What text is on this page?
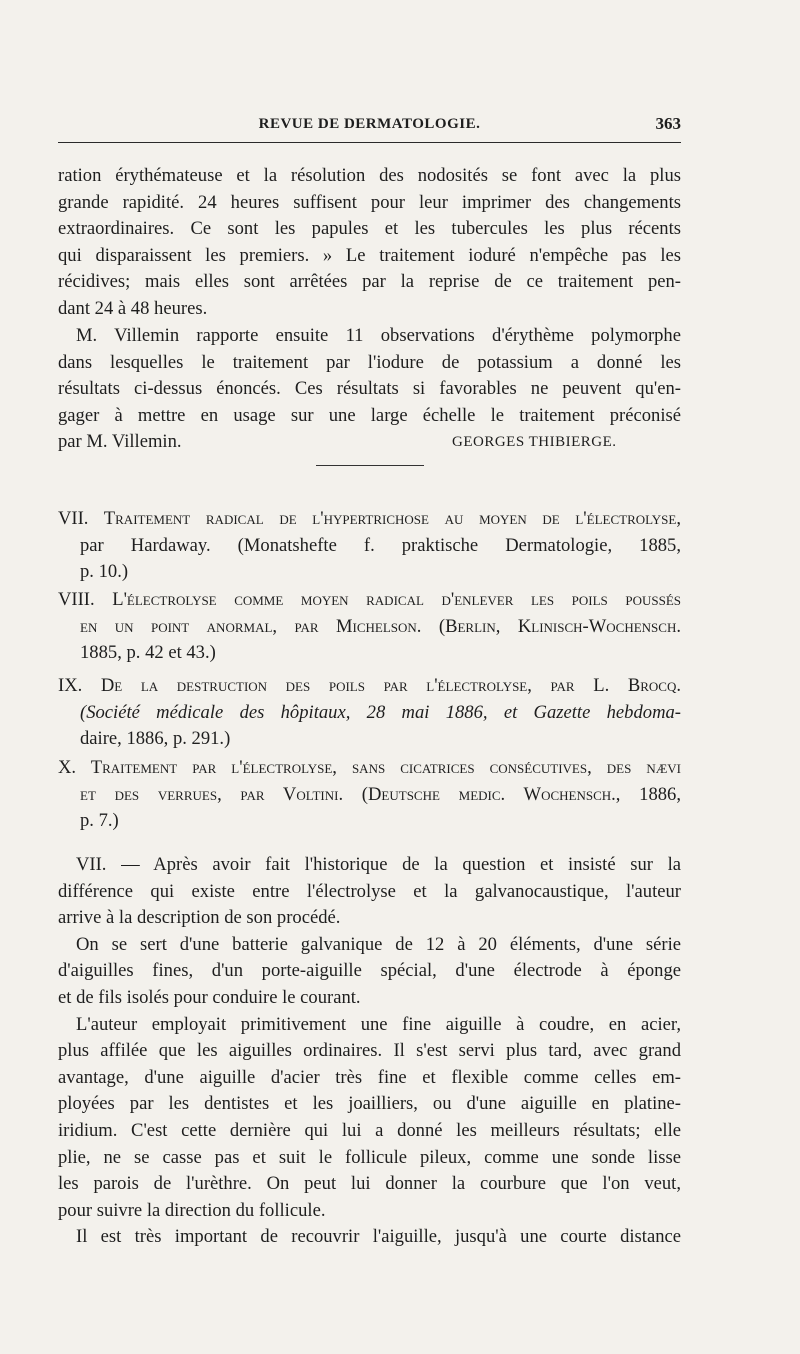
REVUE DE DERMATOLOGIE.	363
ration érythémateuse et la résolution des nodosités se font avec la plus
grande rapidité. 24 heures suffisent pour leur imprimer des changements
extraordinaires. Ce sont les papules et les tubercules les plus récents
qui disparaissent les premiers. » Le traitement ioduré n'empêche pas les
récidives; mais elles sont arrêtées par la reprise de ce traitement pen-
dant 24 à 48 heures.
M. Villemin rapporte ensuite 11 observations d'érythème polymorphe
dans lesquelles le traitement par l'iodure de potassium a donné les
résultats ci-dessus énoncés. Ces résultats si favorables ne peuvent qu'en-
gager à mettre en usage sur une large échelle le traitement préconisé
par M. Villemin.	GEORGES THIBIERGE.
VII. Traitement radical de l'hypertrichose au moyen de l'électrolyse,
par Hardaway. (Monatshefte f. praktische Dermatologie, 1885,
p. 10.)
VIII. L'électrolyse comme moyen radical d'enlever les poils poussés
en un point anormal, par Michelson. (Berlin, Klinisch-Wochensch.
1885, p. 42 et 43.)
IX. De la destruction des poils par l'électrolyse, par L. Brocq.
(Société médicale des hôpitaux, 28 mai 1886, et Gazette hebdoma-
daire, 1886, p. 291.)
X. Traitement par l'électrolyse, sans cicatrices consécutives, des nævi
et des verrues, par Voltini. (Deutsche medic. Wochensch., 1886,
p. 7.)
VII. — Après avoir fait l'historique de la question et insisté sur la
différence qui existe entre l'électrolyse et la galvanocaustique, l'auteur
arrive à la description de son procédé.
On se sert d'une batterie galvanique de 12 à 20 éléments, d'une série
d'aiguilles fines, d'un porte-aiguille spécial, d'une électrode à éponge
et de fils isolés pour conduire le courant.
L'auteur employait primitivement une fine aiguille à coudre, en acier,
plus affilée que les aiguilles ordinaires. Il s'est servi plus tard, avec grand
avantage, d'une aiguille d'acier très fine et flexible comme celles em-
ployées par les dentistes et les joailliers, ou d'une aiguille en platine-
iridium. C'est cette dernière qui lui a donné les meilleurs résultats; elle
plie, ne se casse pas et suit le follicule pileux, comme une sonde lisse
les parois de l'urèthre. On peut lui donner la courbure que l'on veut,
pour suivre la direction du follicule.
Il est très important de recouvrir l'aiguille, jusqu'à une courte distance
